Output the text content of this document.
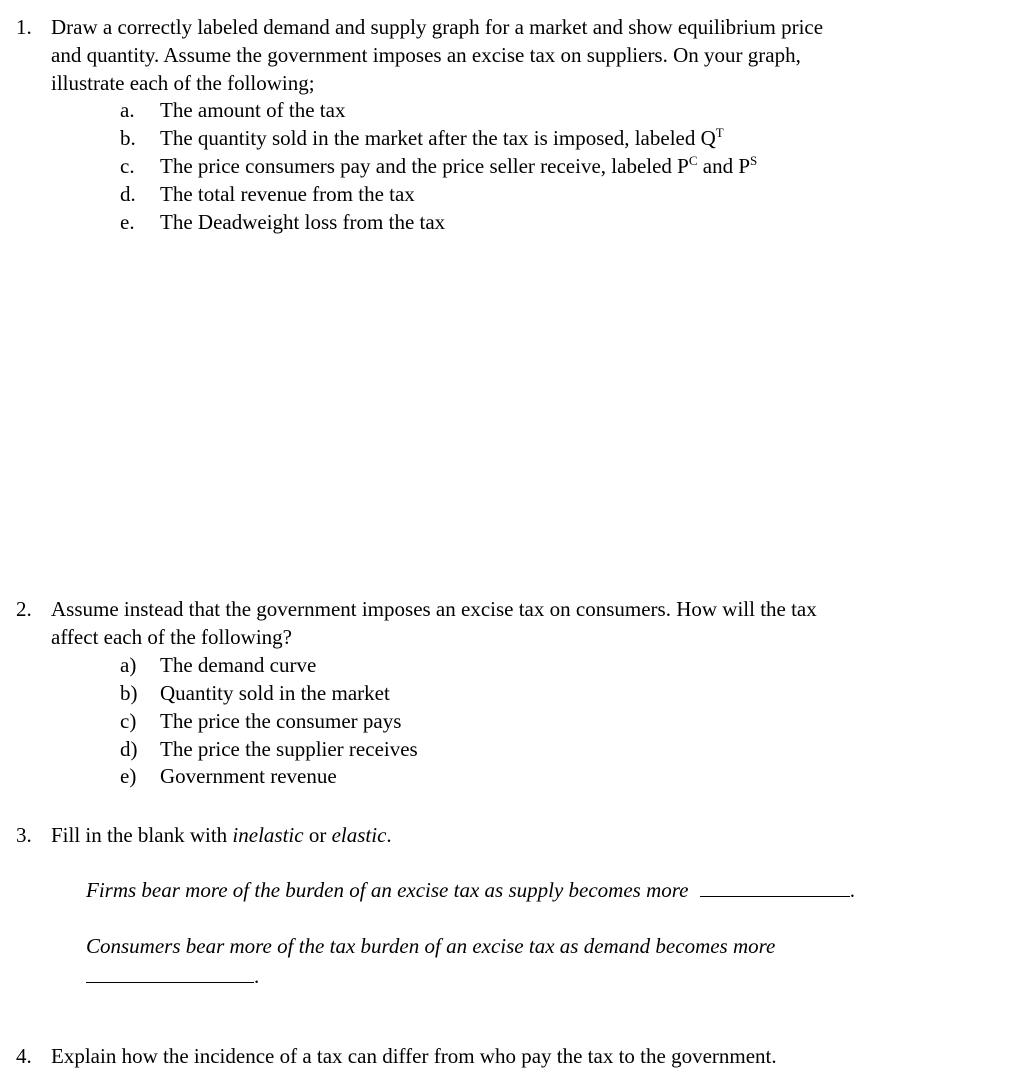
1. Draw a correctly labeled demand and supply graph for a market and show equilibrium price
and quantity. Assume the government imposes an excise tax on suppliers. On your graph,
illustrate each of the following;
a. The amount of the tax
b. The quantity sold in the market after the tax is imposed, labeled $Q^T$
c. The price consumers pay and the price seller receive, labeled $P^C$ and $P^S$
d. The total revenue from the tax
e. The Deadweight loss from the tax
2. Assume instead that the government imposes an excise tax on consumers. How will the tax
affect each of the following?
a) The demand curve
b) Quantity sold in the market
c) The price the consumer pays
d) The price the supplier receives
e) Government revenue
3. Fill in the blank with inelastic or elastic.
Firms bear more of the burden of an excise tax as supply becomes more	.
Consumers bear more of the tax burden of an excise tax as demand becomes more
.
4. Explain how the incidence of a tax can differ from who pay the tax to the government.
